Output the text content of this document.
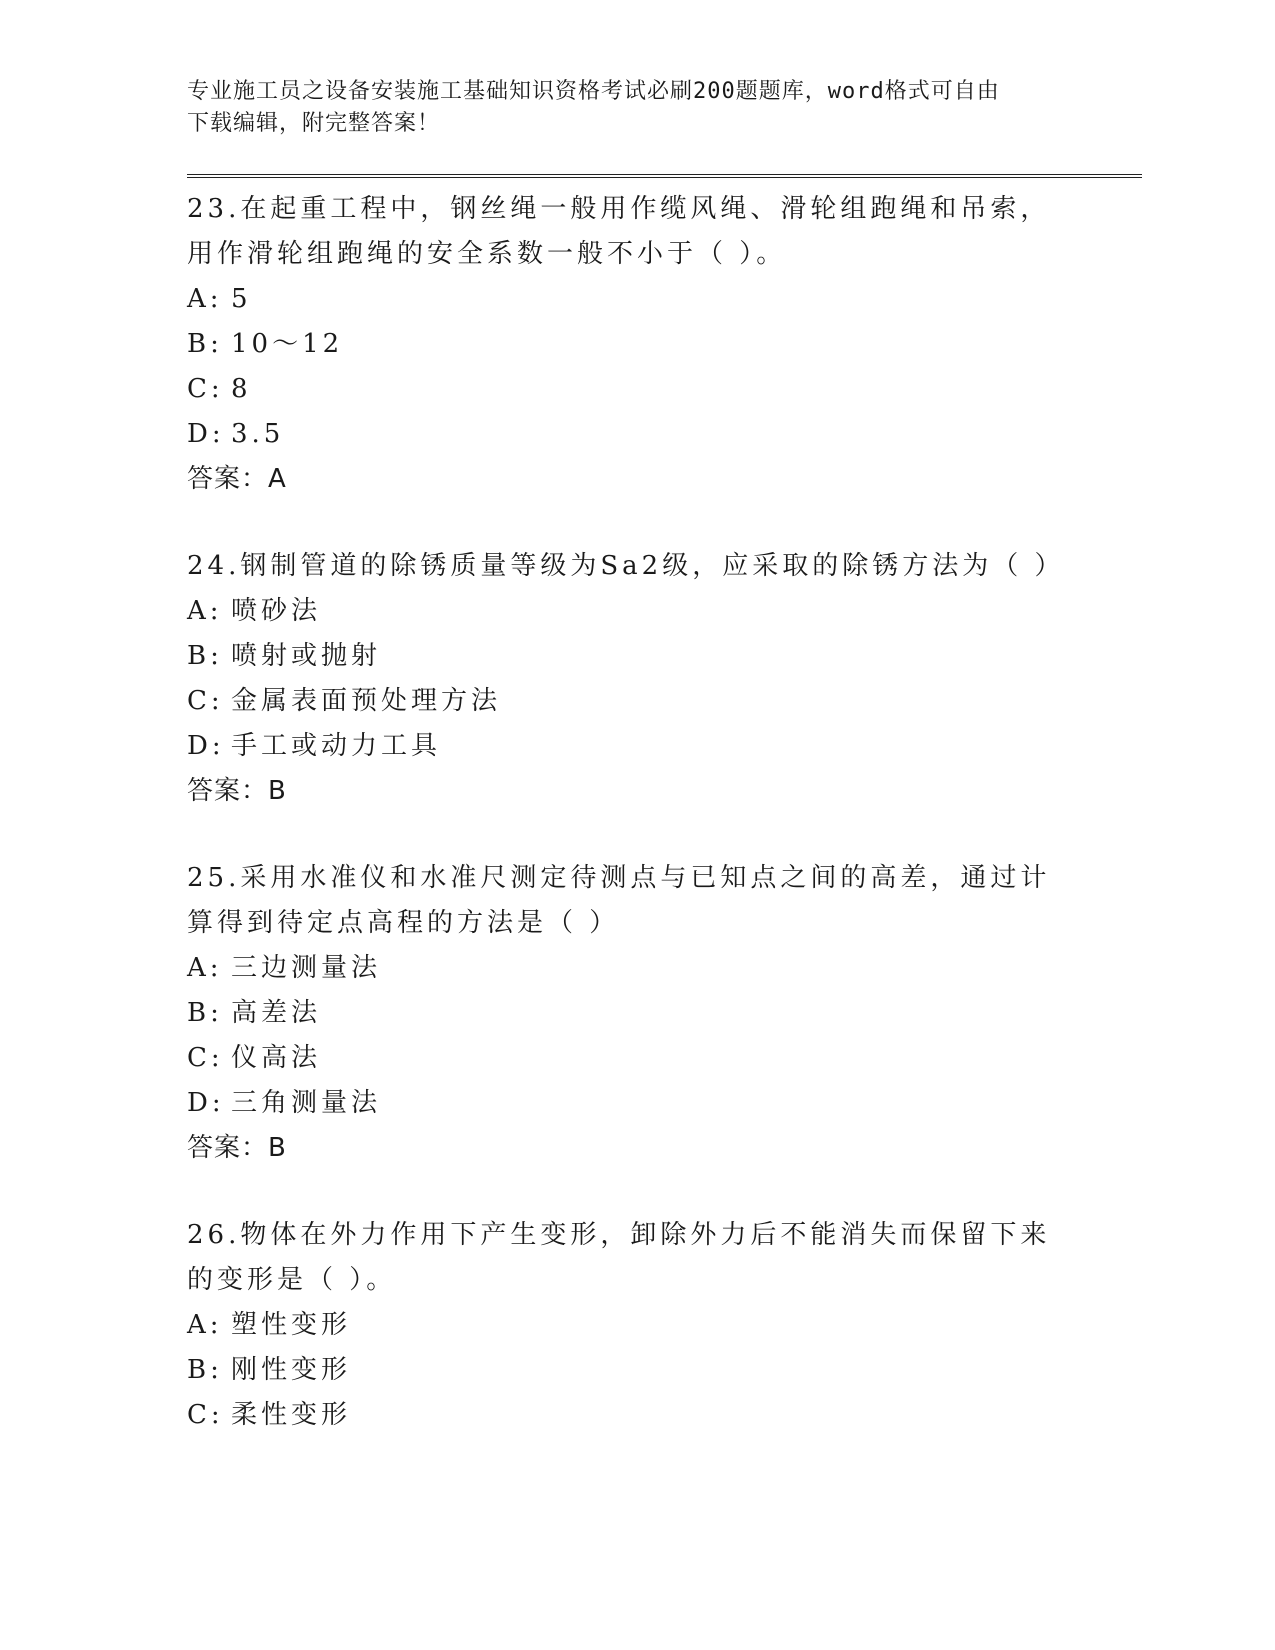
专业施工员之设备安装施工基础知识资格考试必刷200题题库，word格式可自由
下载编辑，附完整答案！

23.在起重工程中，钢丝绳一般用作缆风绳、滑轮组跑绳和吊索，用作滑轮组跑绳的安全系数一般不小于（ ）。

A: 5

B: 10～12

C: 8

D: 3.5

答案：A

24.钢制管道的除锈质量等级为Sa2级，应采取的除锈方法为（ ）

A: 喷砂法

B: 喷射或抛射

C: 金属表面预处理方法

D: 手工或动力工具

答案：B

25.采用水准仪和水准尺测定待测点与已知点之间的高差，通过计算得到待定点高程的方法是（ ）

A: 三边测量法

B: 高差法

C: 仪高法

D: 三角测量法

答案：B

26.物体在外力作用下产生变形，卸除外力后不能消失而保留下来的变形是（ ）。

A: 塑性变形

B: 刚性变形

C: 柔性变形
